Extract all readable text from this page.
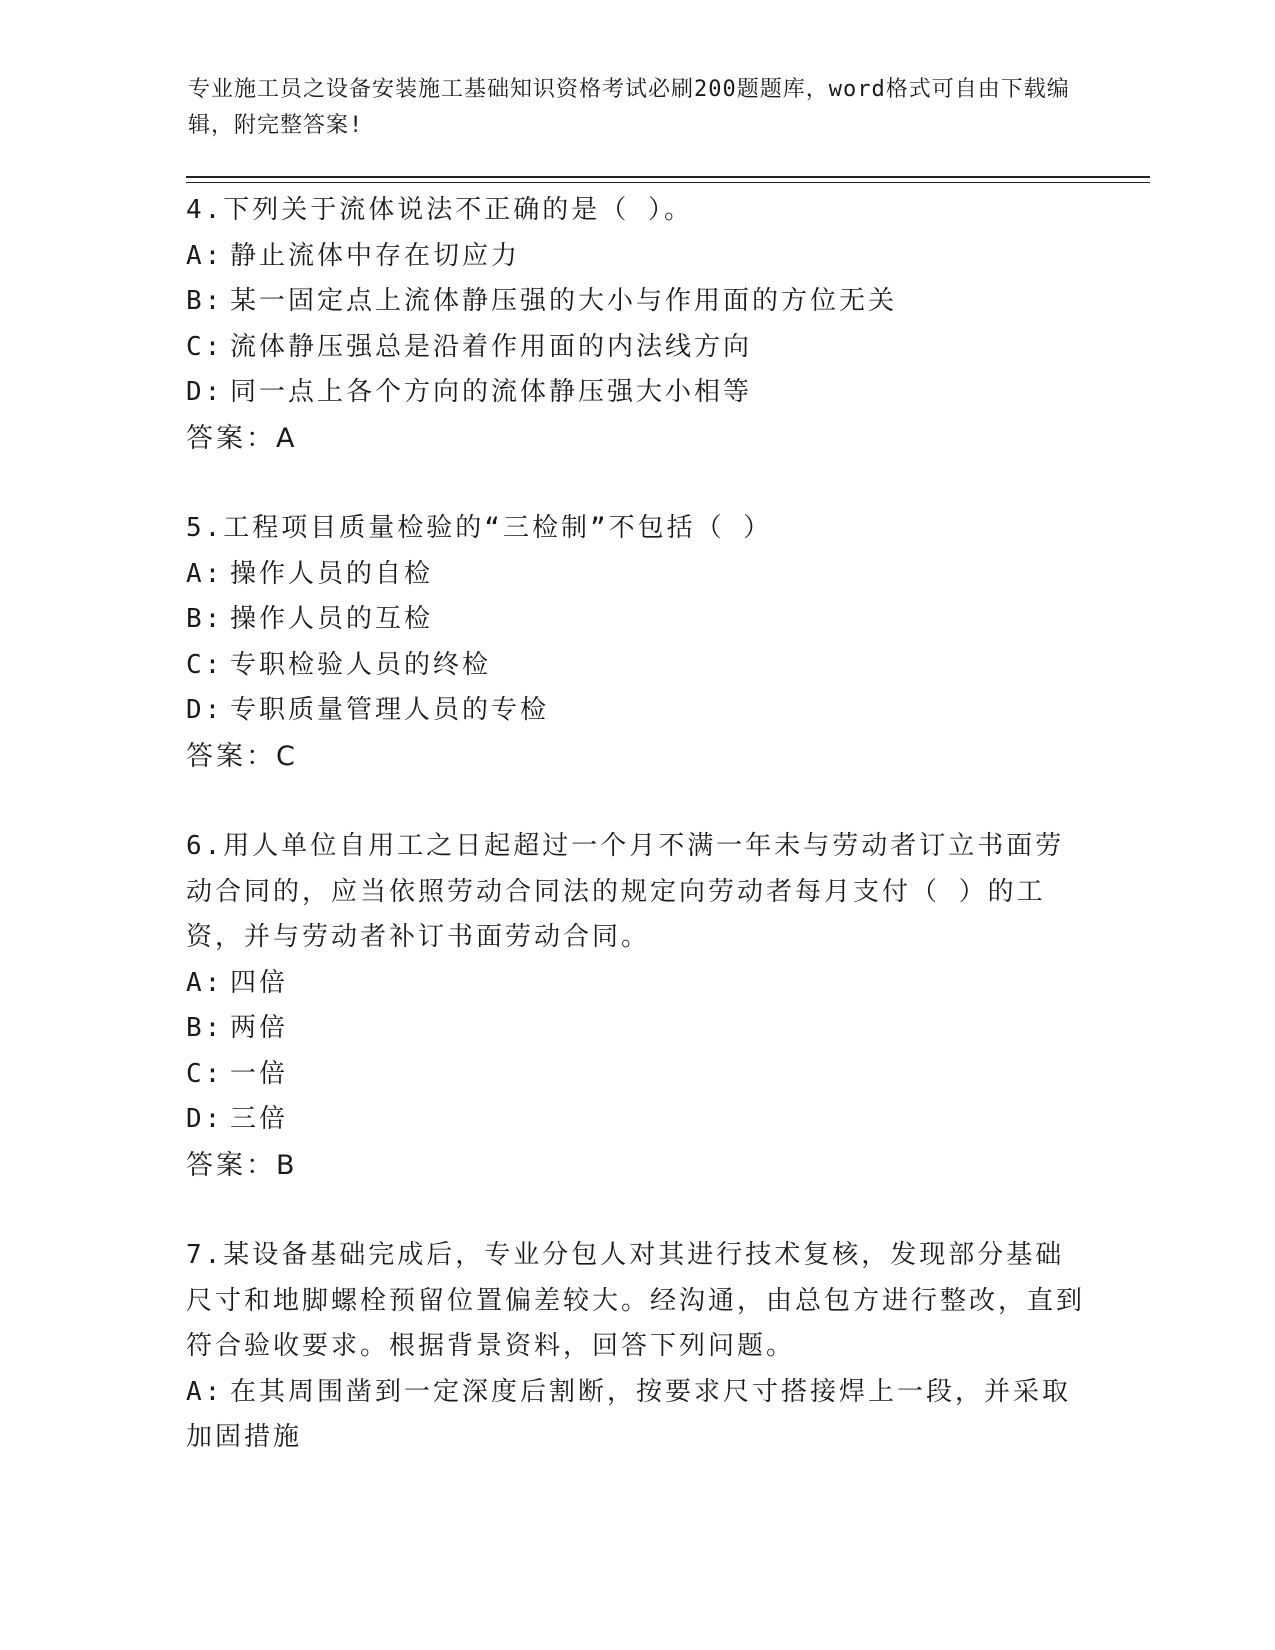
专业施工员之设备安装施工基础知识资格考试必刷200题题库，word格式可自由下载编辑，附完整答案!
4.下列关于流体说法不正确的是（ ）。
A: 静止流体中存在切应力
B: 某一固定点上流体静压强的大小与作用面的方位无关
C: 流体静压强总是沿着作用面的内法线方向
D: 同一点上各个方向的流体静压强大小相等
答案：A
5.工程项目质量检验的“三检制”不包括（ ）
A: 操作人员的自检
B: 操作人员的互检
C: 专职检验人员的终检
D: 专职质量管理人员的专检
答案：C
6.用人单位自用工之日起超过一个月不满一年未与劳动者订立书面劳动合同的，应当依照劳动合同法的规定向劳动者每月支付（ ）的工资，并与劳动者补订书面劳动合同。
A: 四倍
B: 两倍
C: 一倍
D: 三倍
答案：B
7.某设备基础完成后，专业分包人对其进行技术复核，发现部分基础尺寸和地脚螺栓预留位置偏差较大。经沟通，由总包方进行整改，直到符合验收要求。根据背景资料，回答下列问题。
A: 在其周围凿到一定深度后割断，按要求尺寸搭接焊上一段，并采取加固措施
